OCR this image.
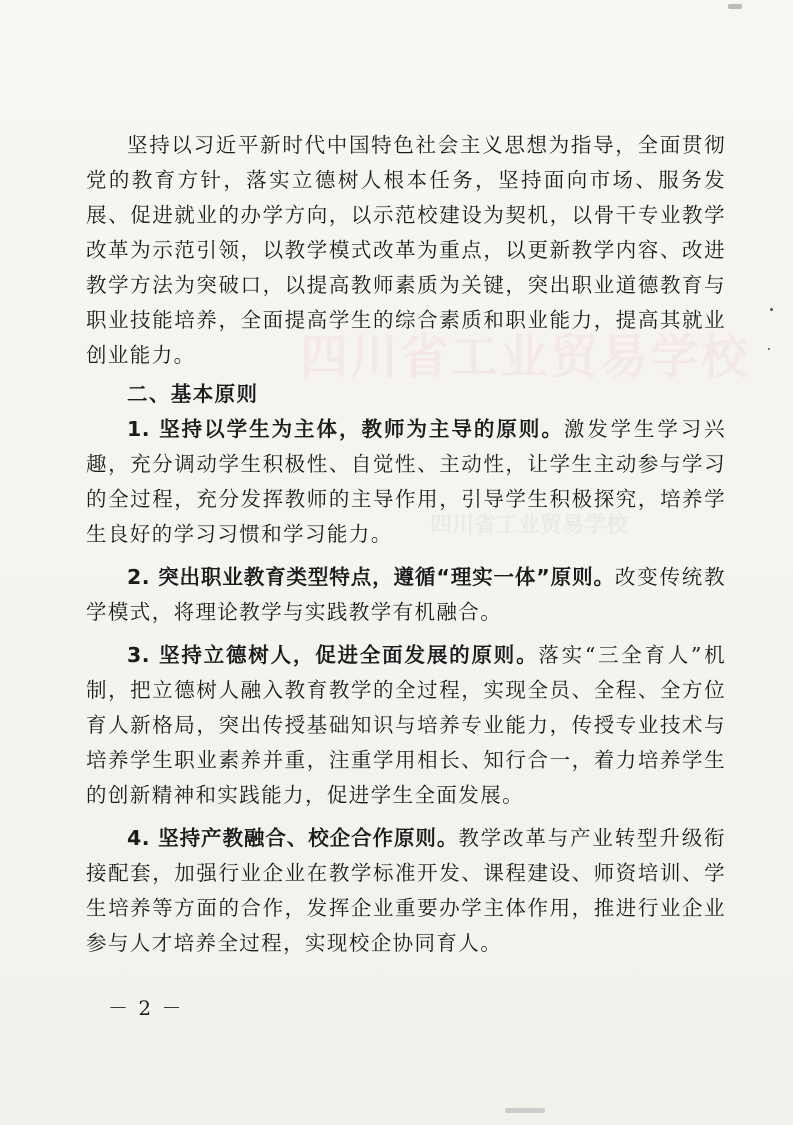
四川省工业贸易学校
四川省工业贸易学校

坚持以习近平新时代中国特色社会主义思想为指导，全面贯彻党的教育方针，落实立德树人根本任务，坚持面向市场、服务发展、促进就业的办学方向，以示范校建设为契机，以骨干专业教学改革为示范引领，以教学模式改革为重点，以更新教学内容、改进教学方法为突破口，以提高教师素质为关键，突出职业道德教育与职业技能培养，全面提高学生的综合素质和职业能力，提高其就业创业能力。

二、基本原则

1. 坚持以学生为主体，教师为主导的原则。激发学生学习兴趣，充分调动学生积极性、自觉性、主动性，让学生主动参与学习的全过程，充分发挥教师的主导作用，引导学生积极探究，培养学生良好的学习习惯和学习能力。

2. 突出职业教育类型特点，遵循“理实一体”原则。改变传统教学模式，将理论教学与实践教学有机融合。

3. 坚持立德树人，促进全面发展的原则。落实“三全育人”机制，把立德树人融入教育教学的全过程，实现全员、全程、全方位育人新格局，突出传授基础知识与培养专业能力，传授专业技术与培养学生职业素养并重，注重学用相长、知行合一，着力培养学生的创新精神和实践能力，促进学生全面发展。

4. 坚持产教融合、校企合作原则。教学改革与产业转型升级衔接配套，加强行业企业在教学标准开发、课程建设、师资培训、学生培养等方面的合作，发挥企业重要办学主体作用，推进行业企业参与人才培养全过程，实现校企协同育人。

－ 2 －
